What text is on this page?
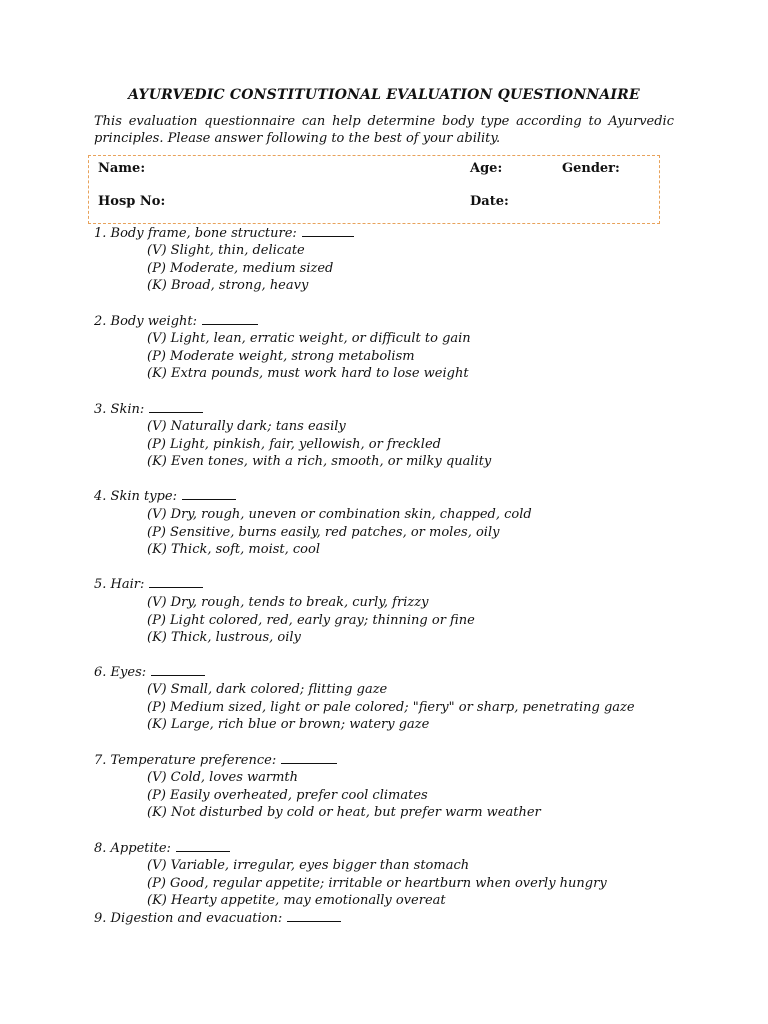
AYURVEDIC CONSTITUTIONAL EVALUATION QUESTIONNAIRE
This evaluation questionnaire can help determine body type according to Ayurvedic principles. Please answer following to the best of your ability.
Name:	Age:	Gender:
Hosp No:	Date:
1. Body frame, bone structure:
(V) Slight, thin, delicate
(P) Moderate, medium sized
(K) Broad, strong, heavy
2. Body weight:
(V) Light, lean, erratic weight, or difficult to gain
(P) Moderate weight, strong metabolism
(K) Extra pounds, must work hard to lose weight
3. Skin:
(V) Naturally dark; tans easily
(P) Light, pinkish, fair, yellowish, or freckled
(K) Even tones, with a rich, smooth, or milky quality
4. Skin type:
(V) Dry, rough, uneven or combination skin, chapped, cold
(P) Sensitive, burns easily, red patches, or moles, oily
(K) Thick, soft, moist, cool
5. Hair:
(V) Dry, rough, tends to break, curly, frizzy
(P) Light colored, red, early gray; thinning or fine
(K) Thick, lustrous, oily
6. Eyes:
(V) Small, dark colored; flitting gaze
(P) Medium sized, light or pale colored; "fiery" or sharp, penetrating gaze
(K) Large, rich blue or brown; watery gaze
7. Temperature preference:
(V) Cold, loves warmth
(P) Easily overheated, prefer cool climates
(K) Not disturbed by cold or heat, but prefer warm weather
8. Appetite:
(V) Variable, irregular, eyes bigger than stomach
(P) Good, regular appetite; irritable or heartburn when overly hungry
(K) Hearty appetite, may emotionally overeat
9. Digestion and evacuation:
